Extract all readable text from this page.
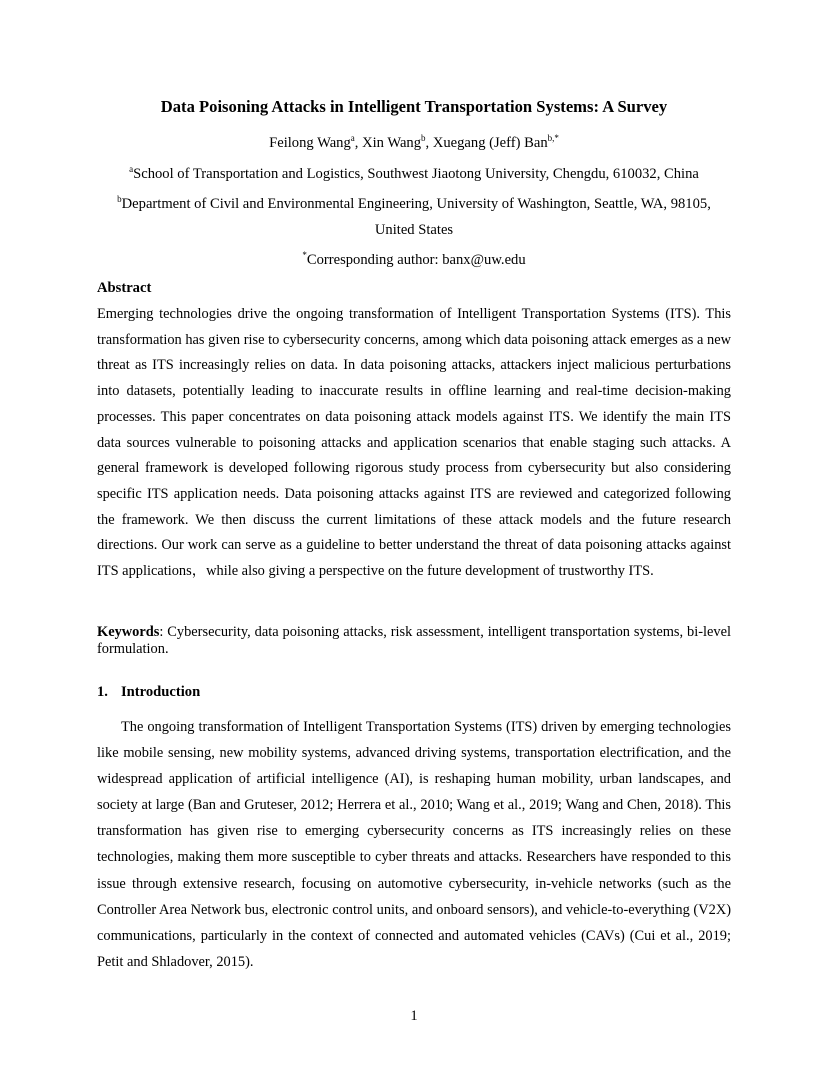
Data Poisoning Attacks in Intelligent Transportation Systems: A Survey
Feilong Wang$^a$, Xin Wang$^b$, Xuegang (Jeff) Ban$^{b,*}$
$^a$School of Transportation and Logistics, Southwest Jiaotong University, Chengdu, 610032, China
$^b$Department of Civil and Environmental Engineering, University of Washington, Seattle, WA, 98105,
United States
*Corresponding author: banx@uw.edu
Abstract
Emerging technologies drive the ongoing transformation of Intelligent Transportation Systems (ITS). This transformation has given rise to cybersecurity concerns, among which data poisoning attack emerges as a new threat as ITS increasingly relies on data. In data poisoning attacks, attackers inject malicious perturbations into datasets, potentially leading to inaccurate results in offline learning and real-time decision-making processes. This paper concentrates on data poisoning attack models against ITS. We identify the main ITS data sources vulnerable to poisoning attacks and application scenarios that enable staging such attacks. A general framework is developed following rigorous study process from cybersecurity but also considering specific ITS application needs. Data poisoning attacks against ITS are reviewed and categorized following the framework. We then discuss the current limitations of these attack models and the future research directions. Our work can serve as a guideline to better understand the threat of data poisoning attacks against ITS applications，while also giving a perspective on the future development of trustworthy ITS.
Keywords: Cybersecurity, data poisoning attacks, risk assessment, intelligent transportation systems, bi-level formulation.
1. Introduction
The ongoing transformation of Intelligent Transportation Systems (ITS) driven by emerging technologies like mobile sensing, new mobility systems, advanced driving systems, transportation electrification, and the widespread application of artificial intelligence (AI), is reshaping human mobility, urban landscapes, and society at large (Ban and Gruteser, 2012; Herrera et al., 2010; Wang et al., 2019; Wang and Chen, 2018). This transformation has given rise to emerging cybersecurity concerns as ITS increasingly relies on these technologies, making them more susceptible to cyber threats and attacks. Researchers have responded to this issue through extensive research, focusing on automotive cybersecurity, in-vehicle networks (such as the Controller Area Network bus, electronic control units, and onboard sensors), and vehicle-to-everything (V2X) communications, particularly in the context of connected and automated vehicles (CAVs) (Cui et al., 2019; Petit and Shladover, 2015).
1
